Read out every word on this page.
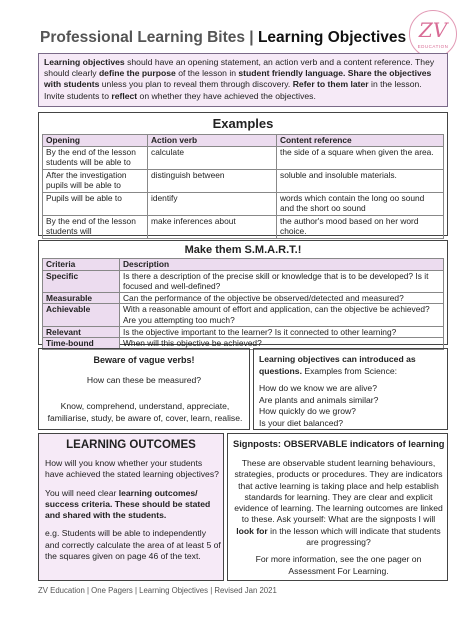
Professional Learning Bites | Learning Objectives ZV
EDUCATION
Learning objectives should have an opening statement, an action verb and a content reference. They should clearly define the purpose of the lesson in student friendly language. Share the objectives with students unless you plan to reveal them through discovery. Refer to them later in the lesson. Invite students to reflect on whether they have achieved the objectives.
Examples
Opening	Action verb	Content reference
By the end of the lesson students will be able to	calculate	the side of a square when given the area.
After the investigation pupils will be able to	distinguish between	soluble and insoluble materials.
Pupils will be able to	identify	words which contain the long oo sound and the short oo sound
By the end of the lesson students will	make inferences about	the author's mood based on her word choice.
Make them S.M.A.R.T.!
Criteria	Description
Specific	Is there a description of the precise skill or knowledge that is to be developed? Is it focused and well-defined?
Measurable	Can the performance of the objective be observed/detected and measured?
Achievable	With a reasonable amount of effort and application, can the objective be achieved? Are you attempting too much?
Relevant	Is the objective important to the learner? Is it connected to other learning?
Time-bound	When will this objective be achieved?
Beware of vague verbs!
How can these be measured?
Know, comprehend, understand, appreciate, familiarise, study, be aware of, cover, learn, realise.
Learning objectives can introduced as questions. Examples from Science:
How do we know we are alive?
Are plants and animals similar?
How quickly do we grow?
Is your diet balanced?
LEARNING OUTCOMES

How will you know whether your students have achieved the stated learning objectives?

You will need clear learning outcomes/ success criteria. These should be stated and shared with the students.

e.g. Students will be able to independently and correctly calculate the area of at least 5 of the squares given on page 46 of the text.

Signposts: OBSERVABLE indicators of learning

These are observable student learning behaviours, strategies, products or procedures. They are indicators that active learning is taking place and help establish standards for learning. They are clear and explicit evidence of learning. The learning outcomes are linked to these. Ask yourself: What are the signposts I will look for in the lesson which will indicate that students are progressing?

For more information, see the one pager on Assessment For Learning.

ZV Education | One Pagers | Learning Objectives | Revised Jan 2021
